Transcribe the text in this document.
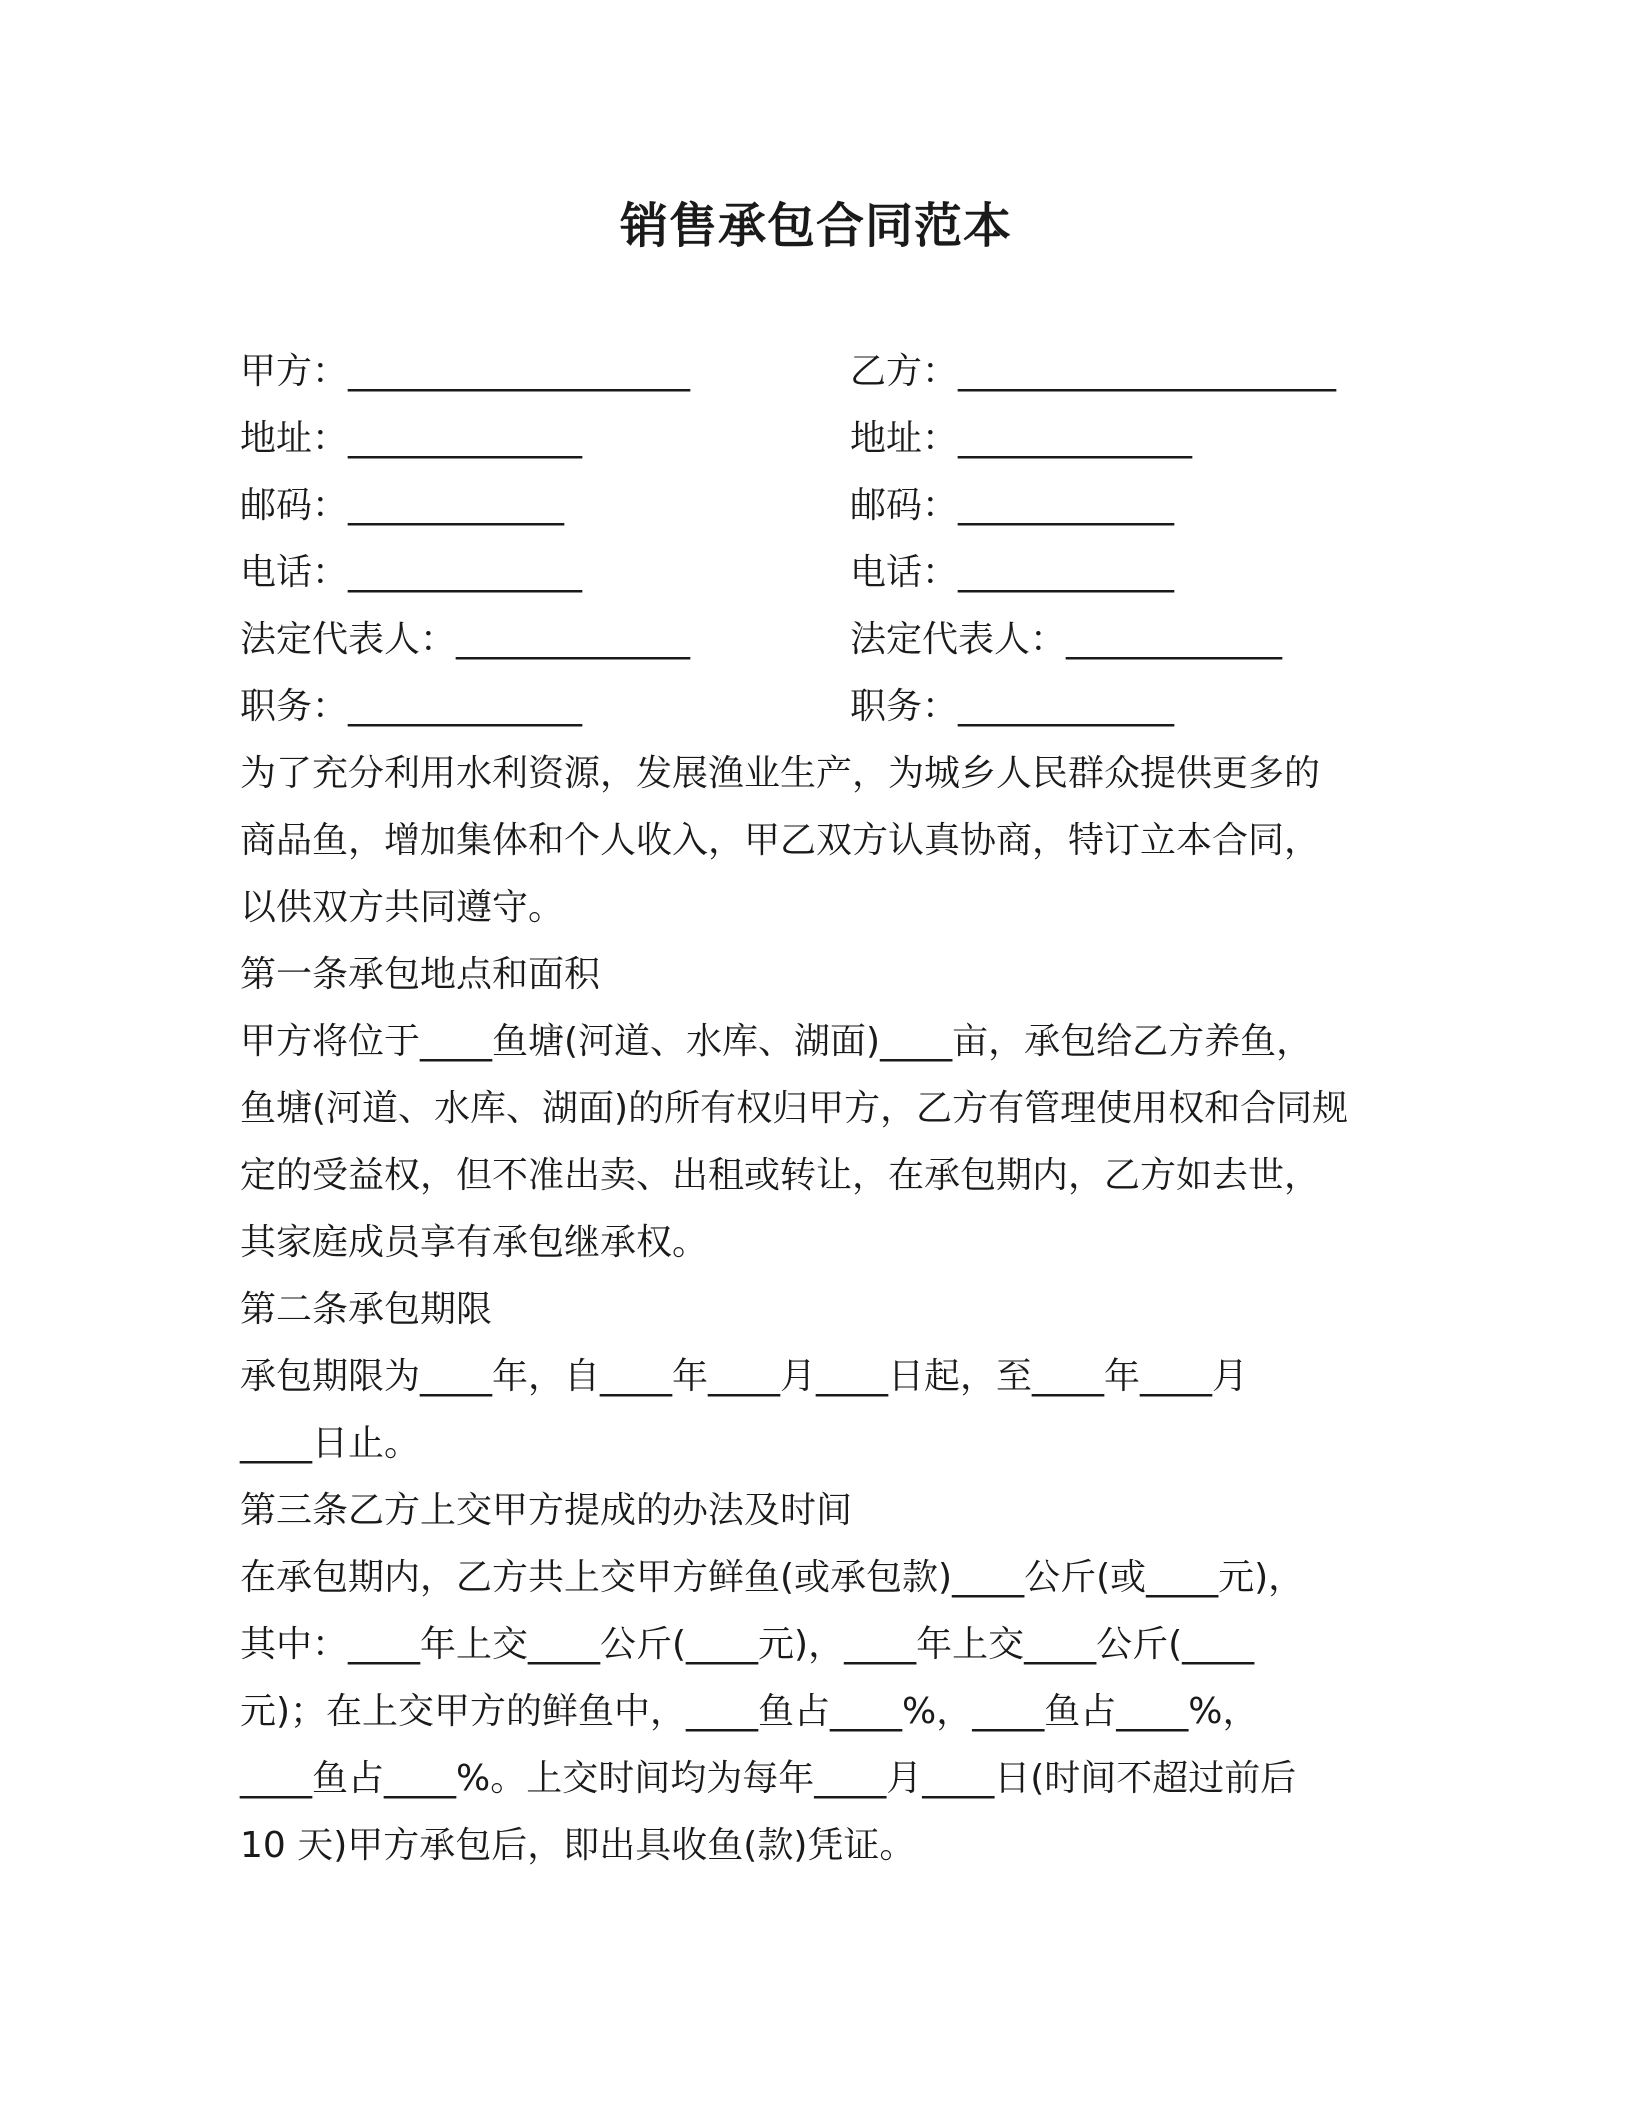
销售承包合同范本
甲方：___________________	乙方：_____________________
地址：_____________	地址：_____________
邮码：____________	邮码：____________
电话：_____________	电话：____________
法定代表人：_____________	法定代表人：____________
职务：_____________	职务：____________

为了充分利用水利资源，发展渔业生产，为城乡人民群众提供更多的

商品鱼，增加集体和个人收入，甲乙双方认真协商，特订立本合同，

以供双方共同遵守。

第一条承包地点和面积

甲方将位于____鱼塘(河道、水库、湖面)____亩，承包给乙方养鱼，

鱼塘(河道、水库、湖面)的所有权归甲方，乙方有管理使用权和合同规

定的受益权，但不准出卖、出租或转让，在承包期内，乙方如去世，

其家庭成员享有承包继承权。

第二条承包期限

承包期限为____年，自____年____月____日起，至____年____月

____日止。

第三条乙方上交甲方提成的办法及时间

在承包期内，乙方共上交甲方鲜鱼(或承包款)____公斤(或____元)，

其中：____年上交____公斤(____元)，____年上交____公斤(____

元)；在上交甲方的鲜鱼中，____鱼占____%，____鱼占____%，

____鱼占____%。上交时间均为每年____月____日(时间不超过前后

10 天)甲方承包后，即出具收鱼(款)凭证。
